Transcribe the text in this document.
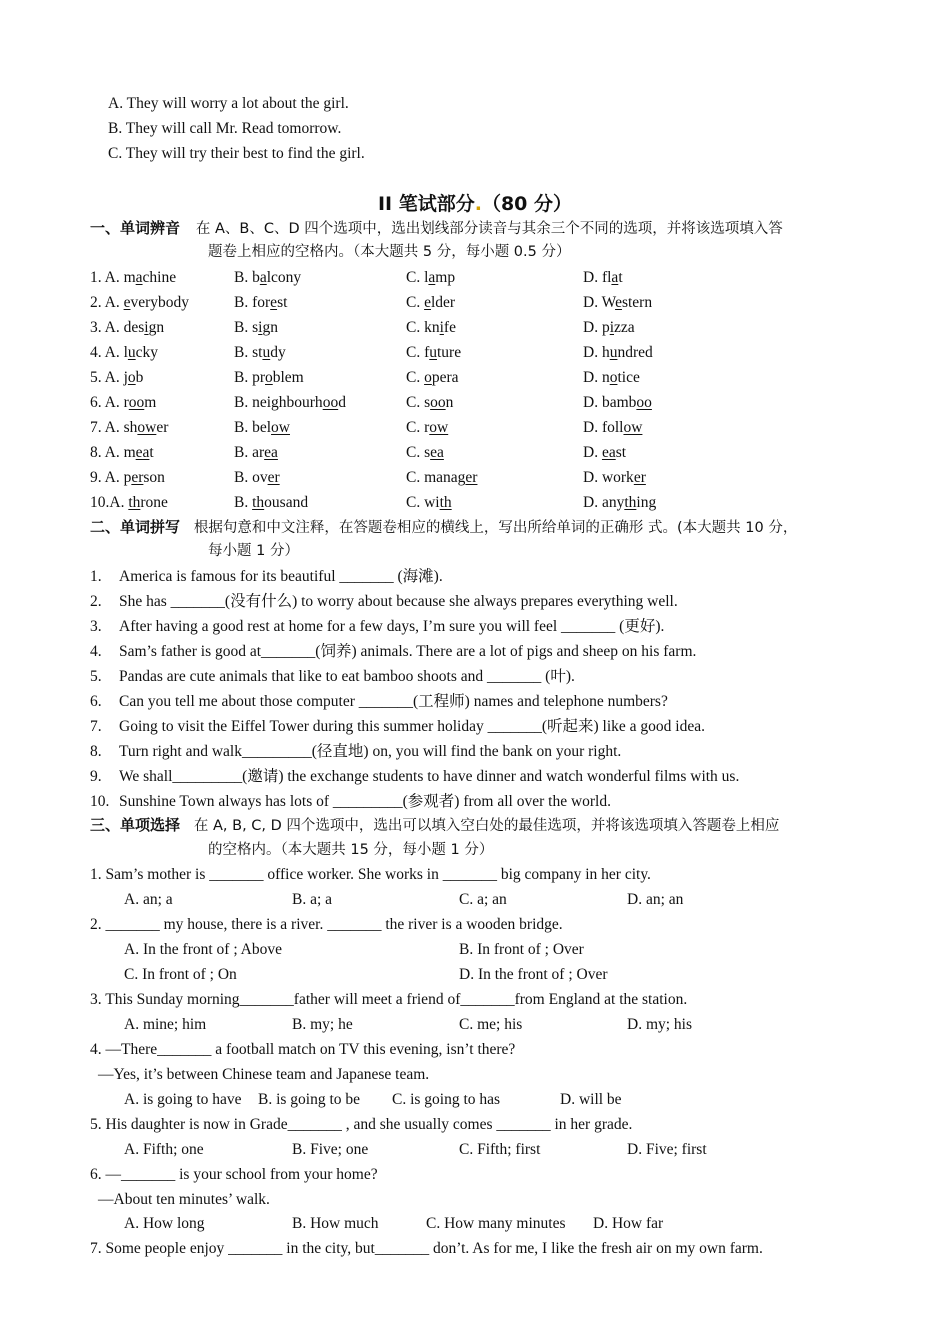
A. They will worry a lot about the girl.
B. They will call Mr. Read tomorrow.
C. They will try their best to find the girl.
II 笔试部分.（80 分）
一、单词辨音 在 A、B、C、D 四个选项中，选出划线部分读音与其余三个不同的选项，并将该选项填入答
题卷上相应的空格内。（本大题共 5 分，每小题 0.5 分）
1. A. machine	B. balcony	C. lamp	D. flat
2. A. everybody	B. forest	C. elder	D. Western
3. A. design	B. sign	C. knife	D. pizza
4. A. lucky	B. study	C. future	D. hundred
5. A. job	B. problem	C. opera	D. notice
6. A. room	B. neighbourhood	C. soon	D. bamboo
7. A. shower	B. below	C. row	D. follow
8. A. meat	B. area	C. sea	D. east
9. A. person	B. over	C. manager	D. worker
10.A. throne	B. thousand	C. with	D. anything
二、单词拼写 根据句意和中文注释，在答题卷相应的横线上，写出所给单词的正确形 式。(本大题共 10 分，
每小题 1 分）
1. America is famous for its beautiful _______ (海滩).
2. She has _______(没有什么) to worry about because she always prepares everything well.
3. After having a good rest at home for a few days, I’m sure you will feel _______ (更好).
4. Sam’s father is good at_______(饲养) animals. There are a lot of pigs and sheep on his farm.
5. Pandas are cute animals that like to eat bamboo shoots and _______ (叶).
6. Can you tell me about those computer _______(工程师) names and telephone numbers?
7. Going to visit the Eiffel Tower during this summer holiday _______(听起来) like a good idea.
8. Turn right and walk_________(径直地) on, you will find the bank on your right.
9. We shall_________(邀请) the exchange students to have dinner and watch wonderful films with us.
10. Sunshine Town always has lots of _________(参观者) from all over the world.
三、单项选择 在 A, B, C, D 四个选项中，选出可以填入空白处的最佳选项，并将该选项填入答题卷上相应
的空格内。（本大题共 15 分，每小题 1 分）
1. Sam’s mother is _______ office worker. She works in _______ big company in her city.
A. an; a	B. a; a	C. a; an	D. an; an
2. _______ my house, there is a river. _______ the river is a wooden bridge.
A. In the front of ; Above	B. In front of ; Over
C. In front of ; On	D. In the front of ; Over
3. This Sunday morning_______father will meet a friend of_______from England at the station.
A. mine; him	B. my; he	C. me; his	D. my; his
4. —There_______ a football match on TV this evening, isn’t there?
—Yes, it’s between Chinese team and Japanese team.
A. is going to have B. is going to be C. is going to has	D. will be
5. His daughter is now in Grade_______ , and she usually comes _______ in her grade.
A. Fifth; one	B. Five; one	C. Fifth; first	D. Five; first
6. —_______ is your school from your home?
—About ten minutes’ walk.
A. How long	B. How much	C. How many minutes D. How far
7. Some people enjoy _______ in the city, but_______ don’t. As for me, I like the fresh air on my own farm.
